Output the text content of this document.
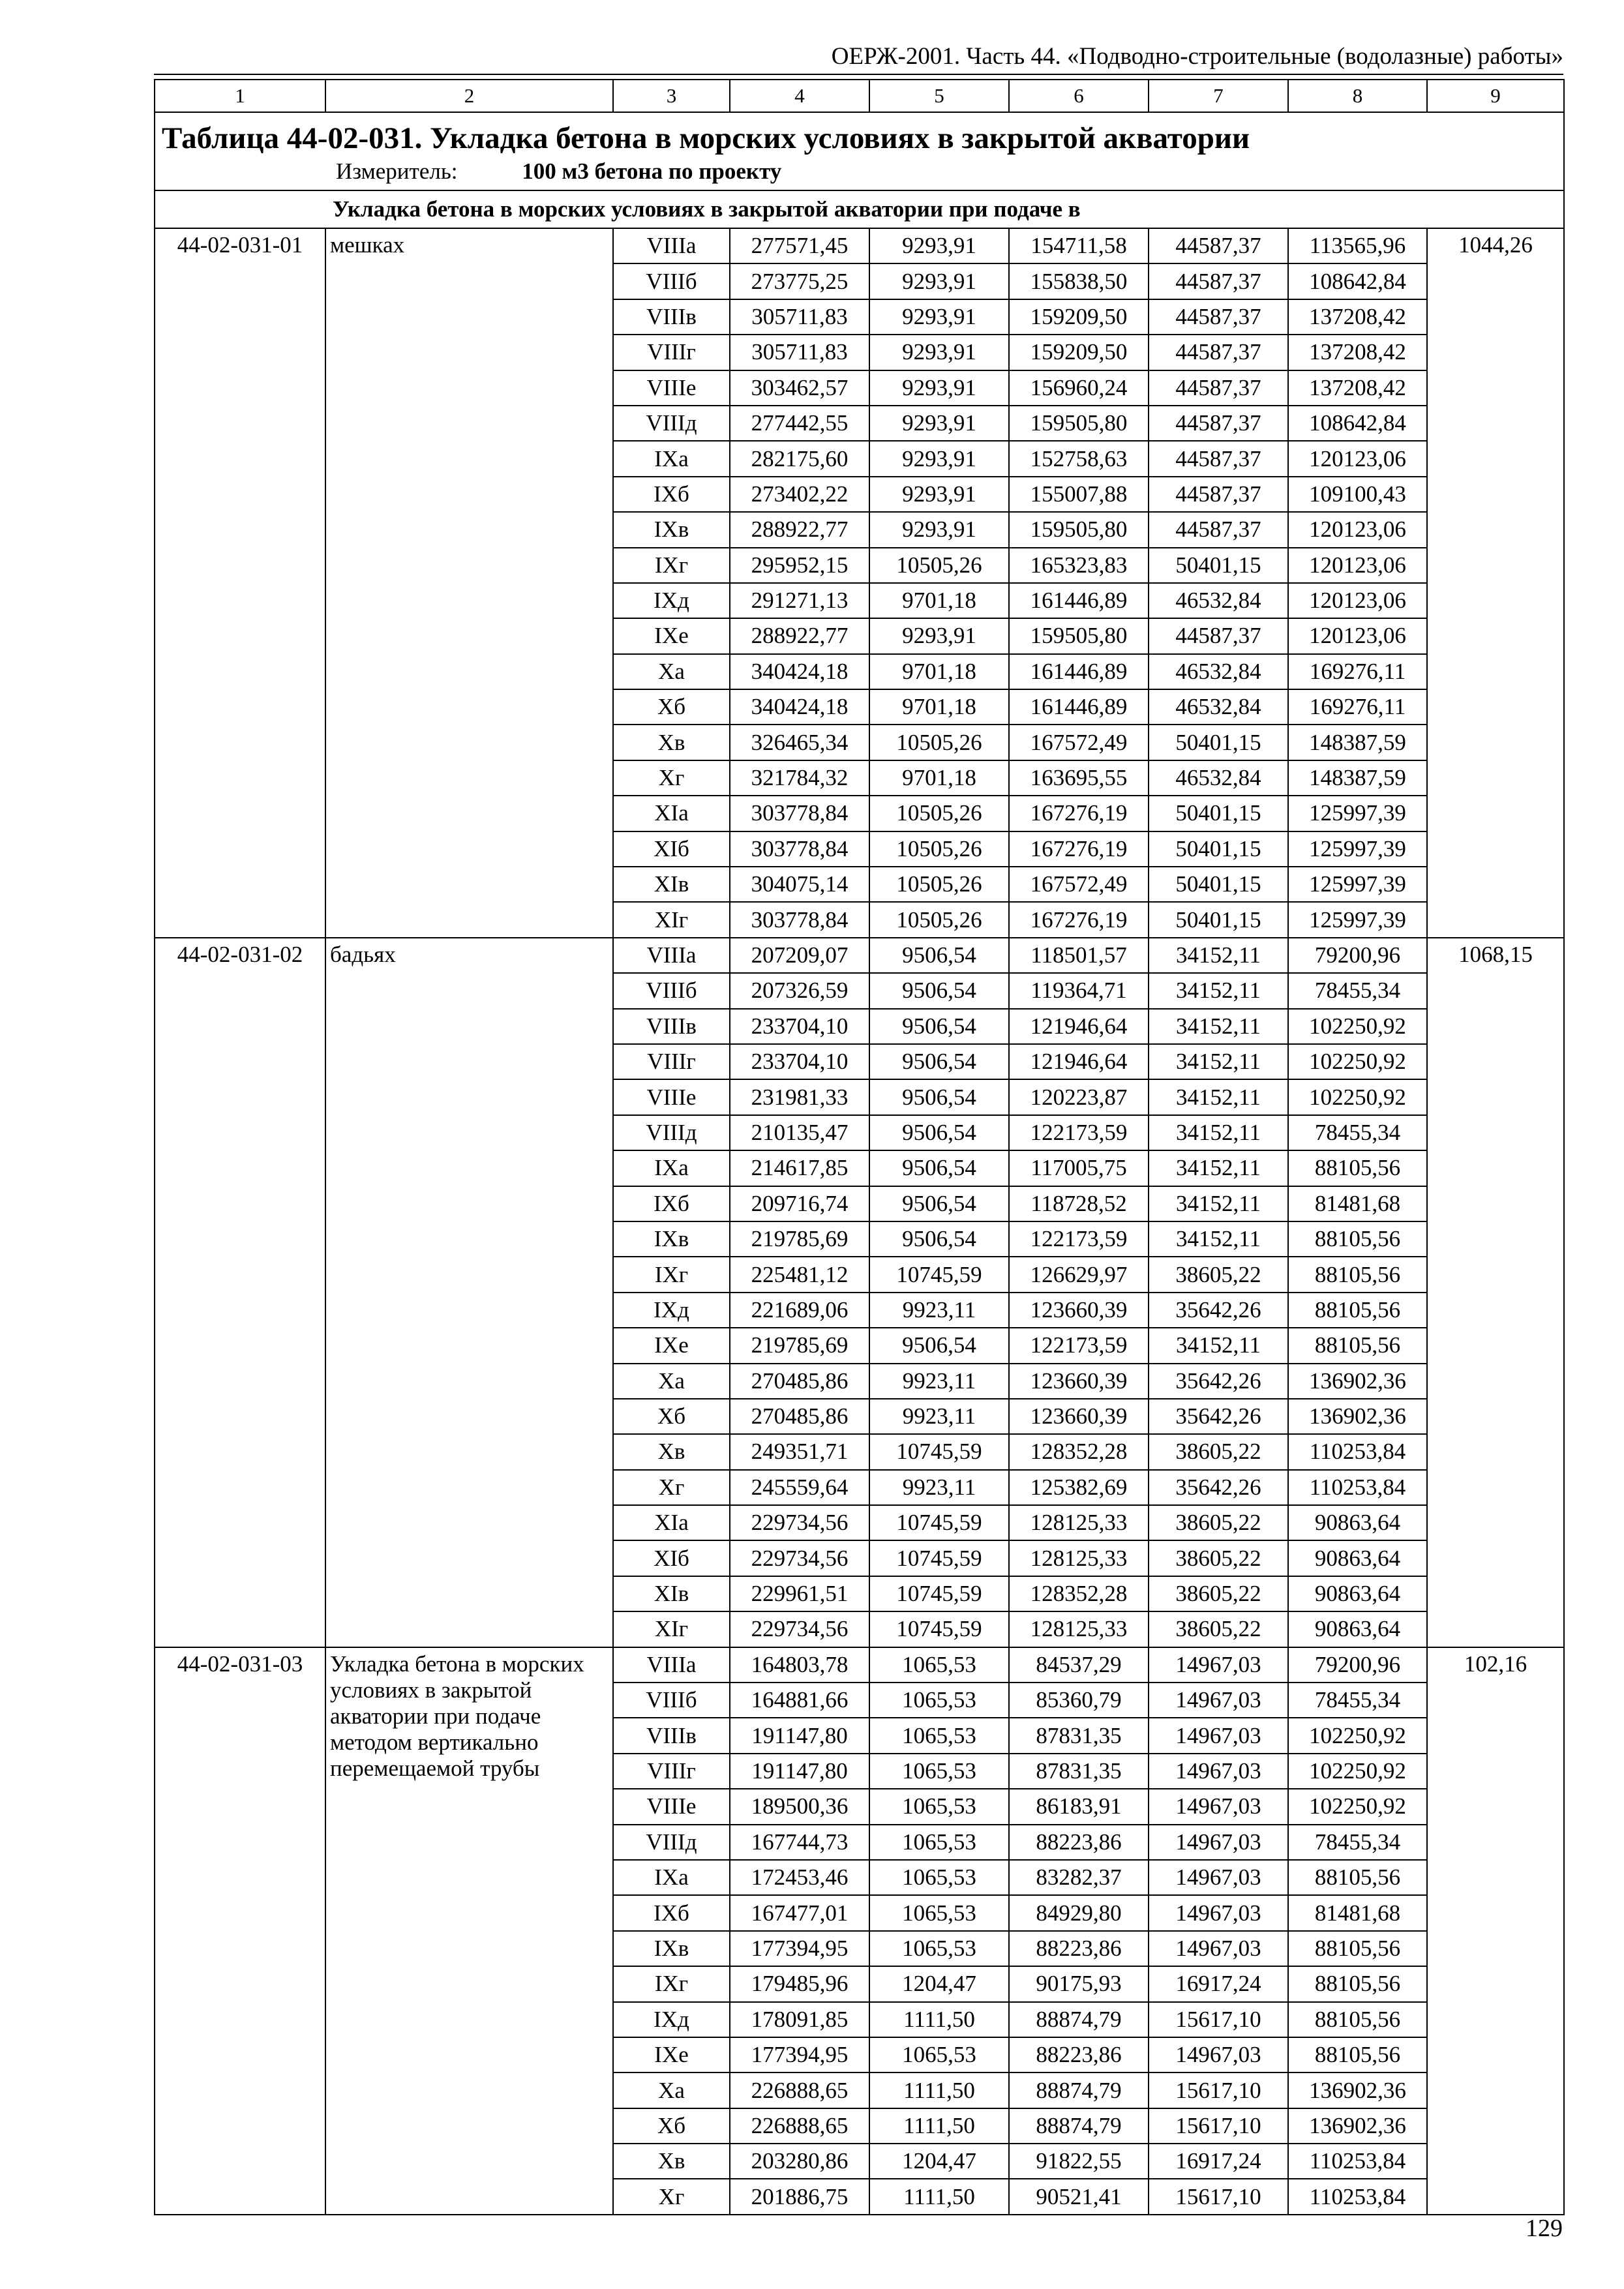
ОЕРЖ-2001. Часть 44. «Подводно-строительные (водолазные) работы»
1	2	3	4	5	6	7	8	9

Таблица 44-02-031. Укладка бетона в морских условиях в закрытой акватории
Измеритель: 100 м3 бетона по проекту								

Укладка бетона в морских условиях в закрытой акватории при подаче в								
44-02-031-01	мешках	VIIIа	277571,45	9293,91	154711,58	44587,37	113565,96	1044,26
		VIIIб	273775,25	9293,91	155838,50	44587,37	108642,84	
		VIIIв	305711,83	9293,91	159209,50	44587,37	137208,42	
		VIIIг	305711,83	9293,91	159209,50	44587,37	137208,42	
		VIIIе	303462,57	9293,91	156960,24	44587,37	137208,42	
		VIIIд	277442,55	9293,91	159505,80	44587,37	108642,84	
		IXа	282175,60	9293,91	152758,63	44587,37	120123,06	
		IXб	273402,22	9293,91	155007,88	44587,37	109100,43	
		IXв	288922,77	9293,91	159505,80	44587,37	120123,06	
		IXг	295952,15	10505,26	165323,83	50401,15	120123,06	
		IXд	291271,13	9701,18	161446,89	46532,84	120123,06	
		IXе	288922,77	9293,91	159505,80	44587,37	120123,06	
		Xа	340424,18	9701,18	161446,89	46532,84	169276,11	
		Xб	340424,18	9701,18	161446,89	46532,84	169276,11	
		Xв	326465,34	10505,26	167572,49	50401,15	148387,59	
		Xг	321784,32	9701,18	163695,55	46532,84	148387,59	
		XIа	303778,84	10505,26	167276,19	50401,15	125997,39	
		XIб	303778,84	10505,26	167276,19	50401,15	125997,39	
		XIв	304075,14	10505,26	167572,49	50401,15	125997,39	
		XIг	303778,84	10505,26	167276,19	50401,15	125997,39	
44-02-031-02	бадьях	VIIIа	207209,07	9506,54	118501,57	34152,11	79200,96	1068,15
		VIIIб	207326,59	9506,54	119364,71	34152,11	78455,34	
		VIIIв	233704,10	9506,54	121946,64	34152,11	102250,92	
		VIIIг	233704,10	9506,54	121946,64	34152,11	102250,92	
		VIIIе	231981,33	9506,54	120223,87	34152,11	102250,92	
		VIIIд	210135,47	9506,54	122173,59	34152,11	78455,34	
		IXа	214617,85	9506,54	117005,75	34152,11	88105,56	
		IXб	209716,74	9506,54	118728,52	34152,11	81481,68	
		IXв	219785,69	9506,54	122173,59	34152,11	88105,56	
		IXг	225481,12	10745,59	126629,97	38605,22	88105,56	
		IXд	221689,06	9923,11	123660,39	35642,26	88105,56	
		IXе	219785,69	9506,54	122173,59	34152,11	88105,56	
		Xа	270485,86	9923,11	123660,39	35642,26	136902,36	
		Xб	270485,86	9923,11	123660,39	35642,26	136902,36	
		Xв	249351,71	10745,59	128352,28	38605,22	110253,84	
		Xг	245559,64	9923,11	125382,69	35642,26	110253,84	
		XIа	229734,56	10745,59	128125,33	38605,22	90863,64	
		XIб	229734,56	10745,59	128125,33	38605,22	90863,64	
		XIв	229961,51	10745,59	128352,28	38605,22	90863,64	
		XIг	229734,56	10745,59	128125,33	38605,22	90863,64	
44-02-031-03	Укладка бетона в морских условиях в закрытой акватории при подаче методом вертикально перемещаемой трубы	VIIIа	164803,78	1065,53	84537,29	14967,03	79200,96	102,16
		VIIIб	164881,66	1065,53	85360,79	14967,03	78455,34	
		VIIIв	191147,80	1065,53	87831,35	14967,03	102250,92	
		VIIIг	191147,80	1065,53	87831,35	14967,03	102250,92	
		VIIIе	189500,36	1065,53	86183,91	14967,03	102250,92	
		VIIIд	167744,73	1065,53	88223,86	14967,03	78455,34	
		IXа	172453,46	1065,53	83282,37	14967,03	88105,56	
		IXб	167477,01	1065,53	84929,80	14967,03	81481,68	
		IXв	177394,95	1065,53	88223,86	14967,03	88105,56	
		IXг	179485,96	1204,47	90175,93	16917,24	88105,56	
		IXд	178091,85	1111,50	88874,79	15617,10	88105,56	
		IXе	177394,95	1065,53	88223,86	14967,03	88105,56	
		Xа	226888,65	1111,50	88874,79	15617,10	136902,36	
		Xб	226888,65	1111,50	88874,79	15617,10	136902,36	
		Xв	203280,86	1204,47	91822,55	16917,24	110253,84	
		Xг	201886,75	1111,50	90521,41	15617,10	110253,84	
129
